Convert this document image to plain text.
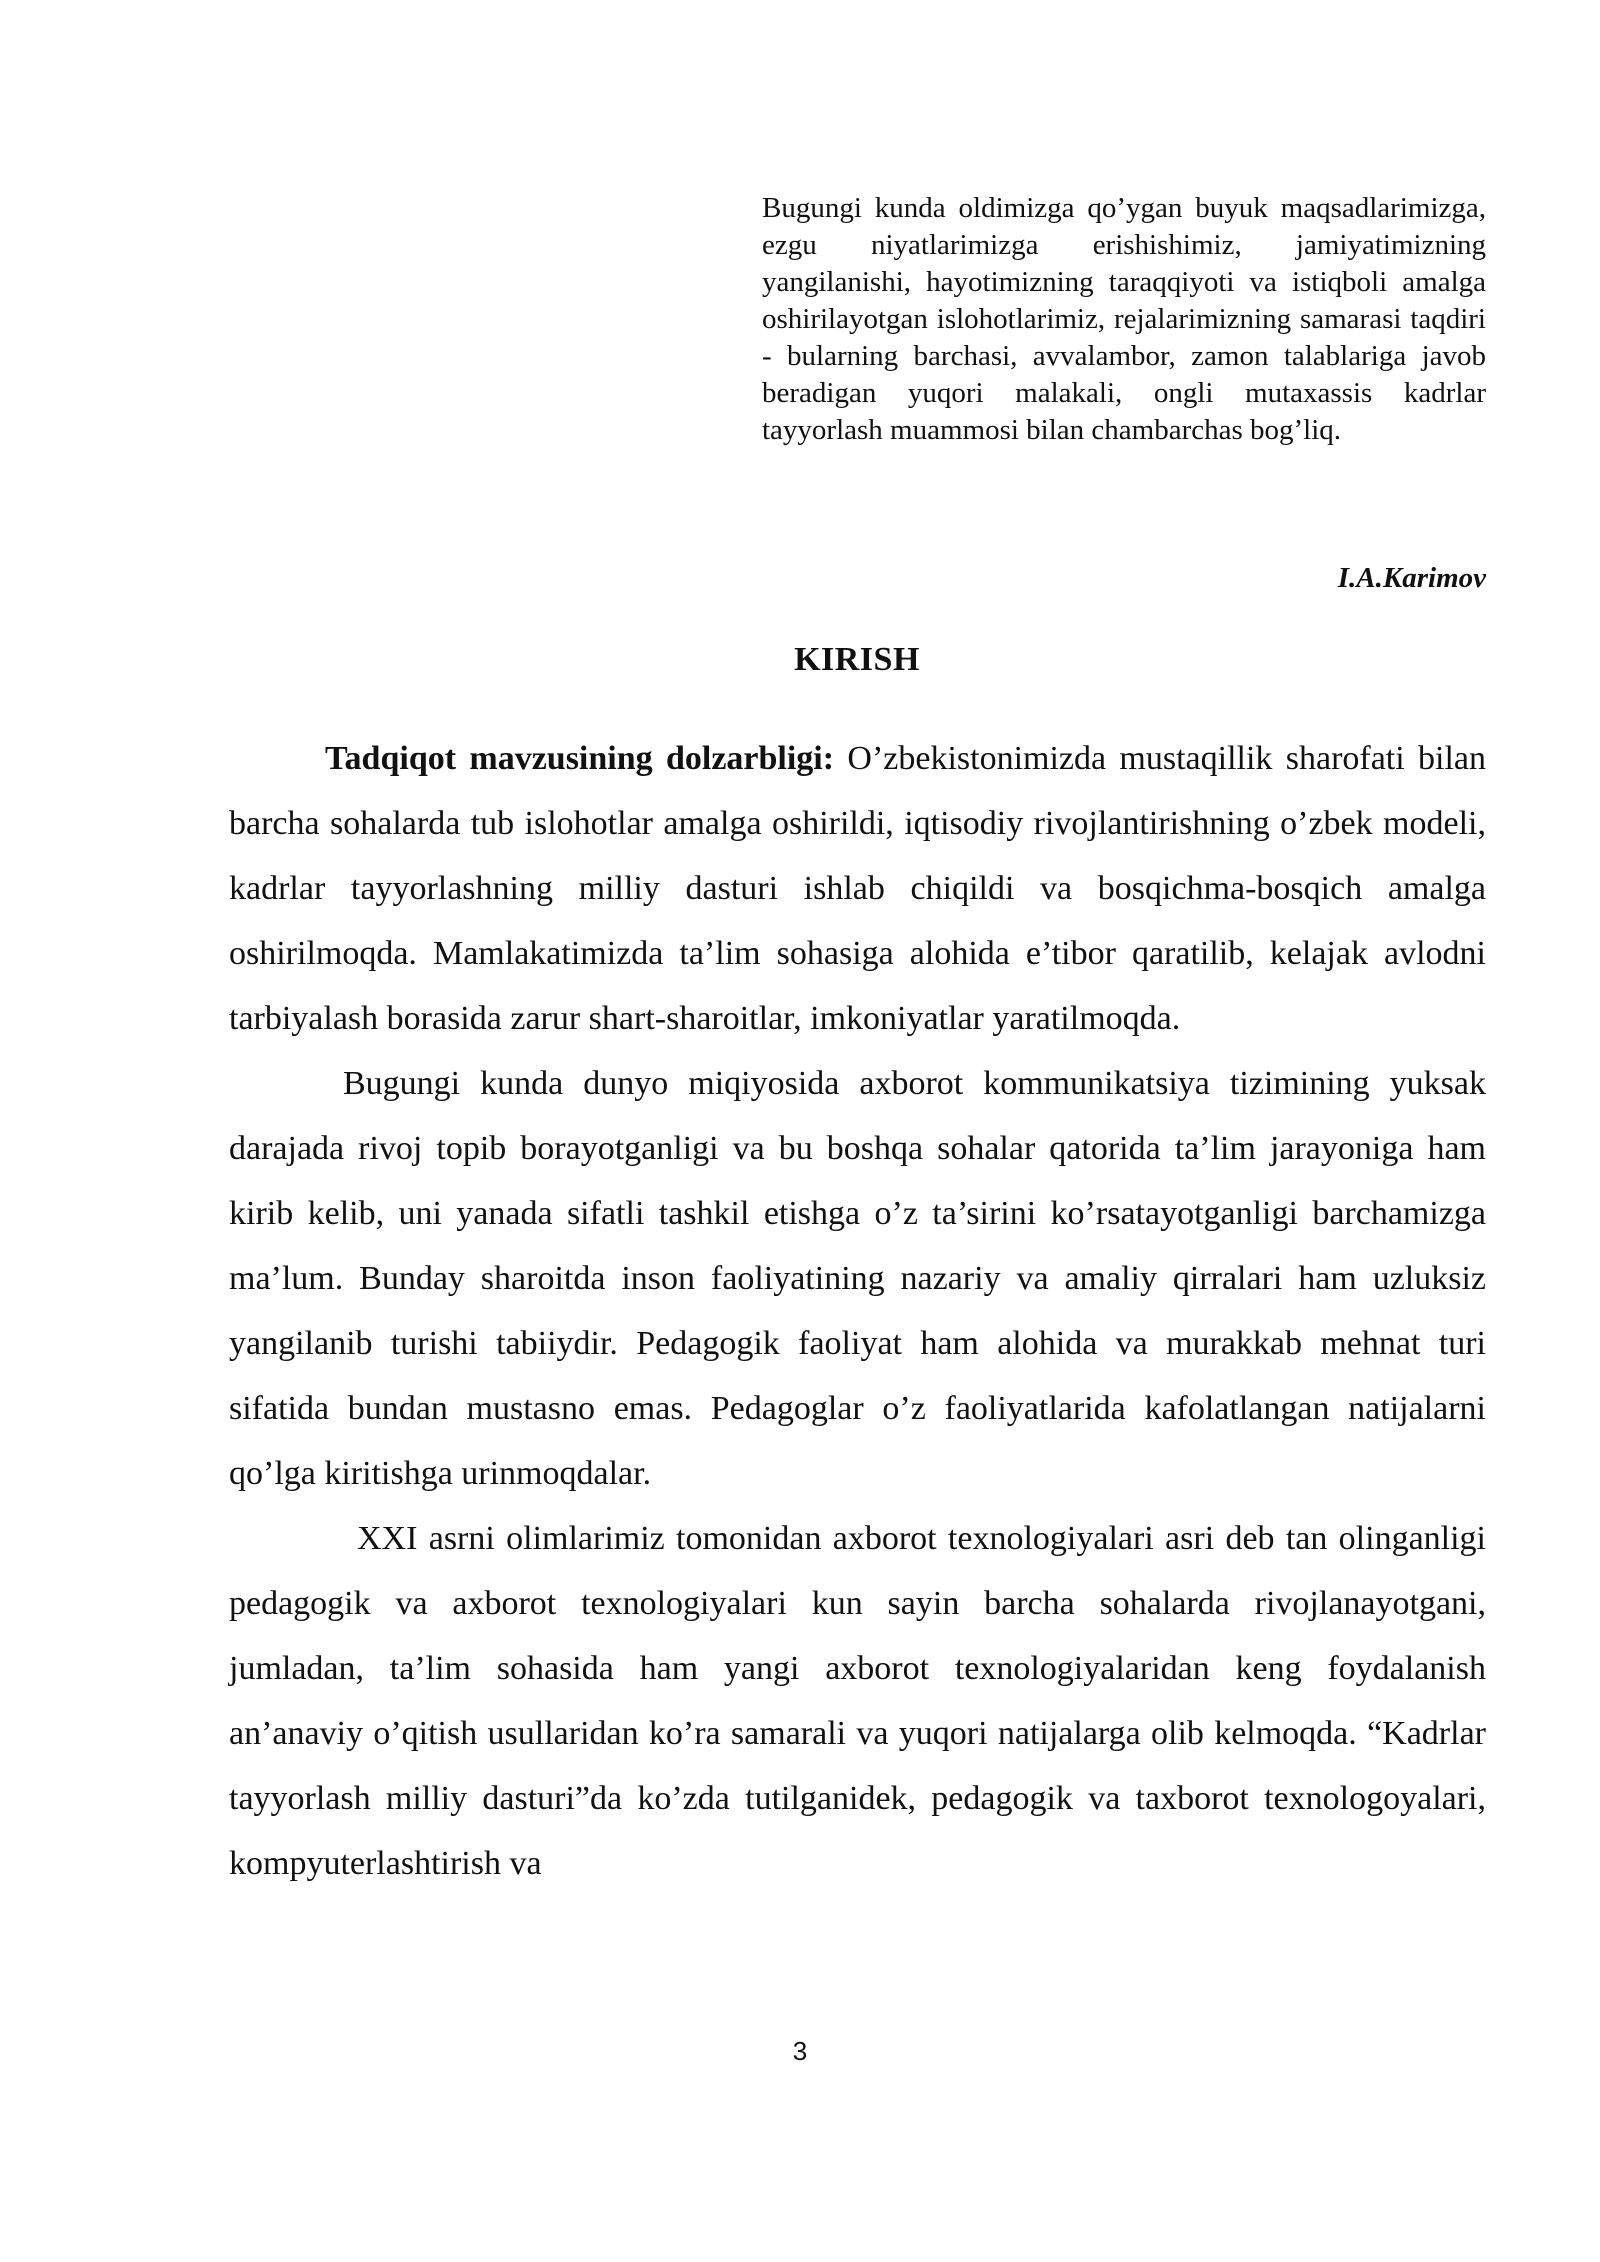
Bugungi kunda oldimizga qo’ygan buyuk maqsadlarimizga, ezgu niyatlarimizga erishishimiz, jamiyatimizning yangilanishi, hayotimizning taraqqiyoti va istiqboli amalga oshirilayotgan islohotlarimiz, rejalarimizning samarasi taqdiri - bularning barchasi, avvalambor, zamon talablariga javob beradigan yuqori malakali, ongli mutaxassis kadrlar tayyorlash muammosi bilan chambarchas bog’liq.

I.A.Karimov

KIRISH

Tadqiqot mavzusining dolzarbligi: O’zbekistonimizda mustaqillik sharofati bilan barcha sohalarda tub islohotlar amalga oshirildi, iqtisodiy rivojlantirishning o’zbek modeli, kadrlar tayyorlashning milliy dasturi ishlab chiqildi va bosqichma-bosqich amalga oshirilmoqda. Mamlakatimizda ta’lim sohasiga alohida e’tibor qaratilib, kelajak avlodni tarbiyalash borasida zarur shart-sharoitlar, imkoniyatlar yaratilmoqda.

Bugungi kunda dunyo miqiyosida axborot kommunikatsiya tizimining yuksak darajada rivoj topib borayotganligi va bu boshqa sohalar qatorida ta’lim jarayoniga ham kirib kelib, uni yanada sifatli tashkil etishga o’z ta’sirini ko’rsatayotganligi barchamizga ma’lum. Bunday sharoitda inson faoliyatining nazariy va amaliy qirralari ham uzluksiz yangilanib turishi tabiiydir. Pedagogik faoliyat ham alohida va murakkab mehnat turi sifatida bundan mustasno emas. Pedagoglar o’z faoliyatlarida kafolatlangan natijalarni qo’lga kiritishga urinmoqdalar.

XXI asrni olimlarimiz tomonidan axborot texnologiyalari asri deb tan olinganligi pedagogik va axborot texnologiyalari kun sayin barcha sohalarda rivojlanayotgani, jumladan, ta’lim sohasida ham yangi axborot texnologiyalaridan keng foydalanish an’anaviy o’qitish usullaridan ko’ra samarali va yuqori natijalarga olib kelmoqda. “Kadrlar tayyorlash milliy dasturi”da ko’zda tutilganidek, pedagogik va taxborot texnologoyalari, kompyuterlashtirish va

3
